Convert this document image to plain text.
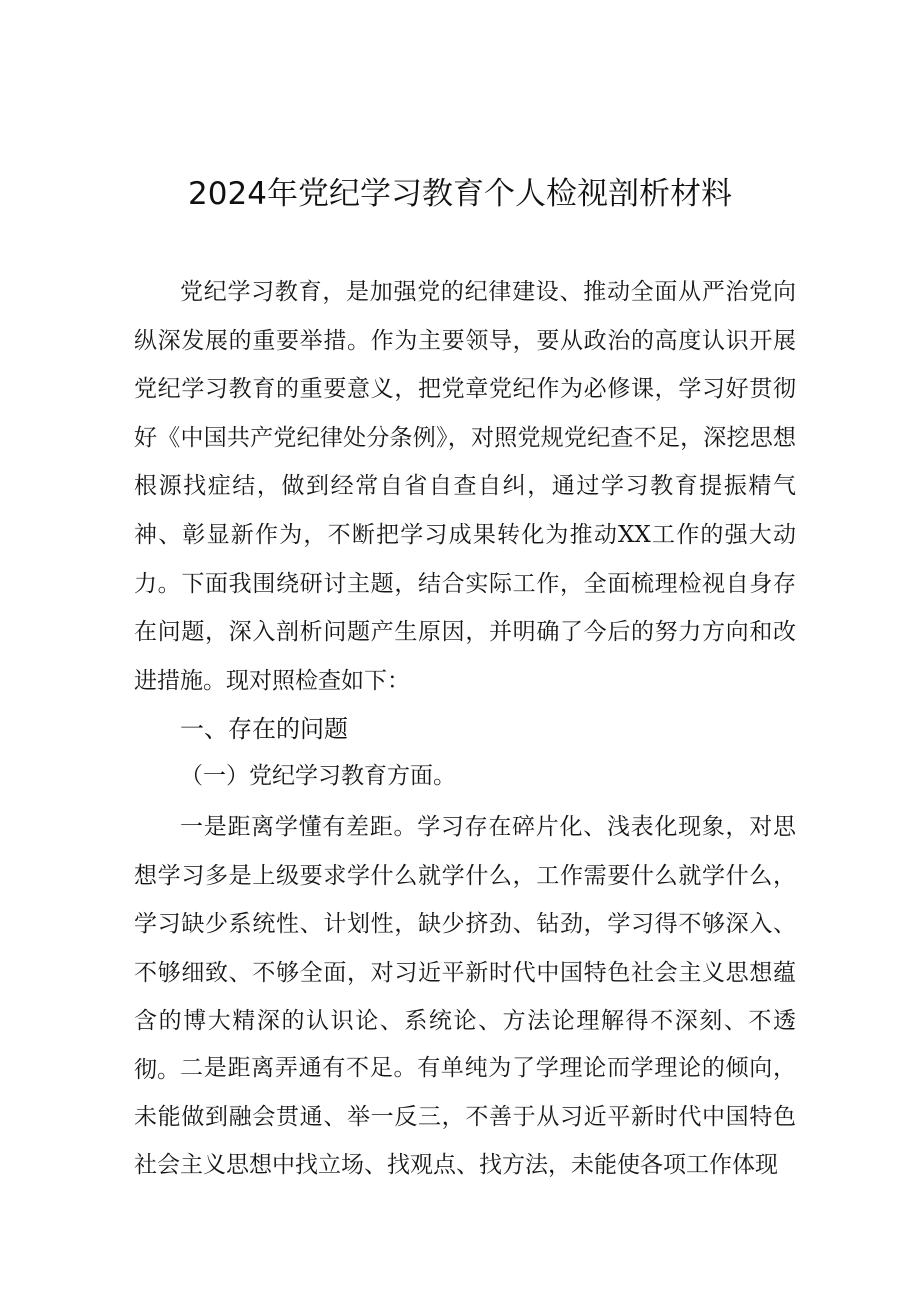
2024年党纪学习教育个人检视剖析材料

党纪学习教育，是加强党的纪律建设、推动全面从严治党向纵深发展的重要举措。作为主要领导，要从政治的高度认识开展党纪学习教育的重要意义，把党章党纪作为必修课，学习好贯彻好《中国共产党纪律处分条例》，对照党规党纪查不足，深挖思想根源找症结，做到经常自省自查自纠，通过学习教育提振精气神、彰显新作为，不断把学习成果转化为推动XX工作的强大动力。下面我围绕研讨主题，结合实际工作，全面梳理检视自身存在问题，深入剖析问题产生原因，并明确了今后的努力方向和改进措施。现对照检查如下：

一、存在的问题
（一）党纪学习教育方面。

一是距离学懂有差距。学习存在碎片化、浅表化现象，对思想学习多是上级要求学什么就学什么，工作需要什么就学什么，学习缺少系统性、计划性，缺少挤劲、钻劲，学习得不够深入、不够细致、不够全面，对习近平新时代中国特色社会主义思想蕴含的博大精深的认识论、系统论、方法论理解得不深刻、不透彻。 二是距离弄通有不足。有单纯为了学理论而学理论的倾向，未能做到融会贯通、举一反三，不善于从习近平新时代中国特色社会主义思想中找立场、找观点、找方法，未能使各项工作体现
